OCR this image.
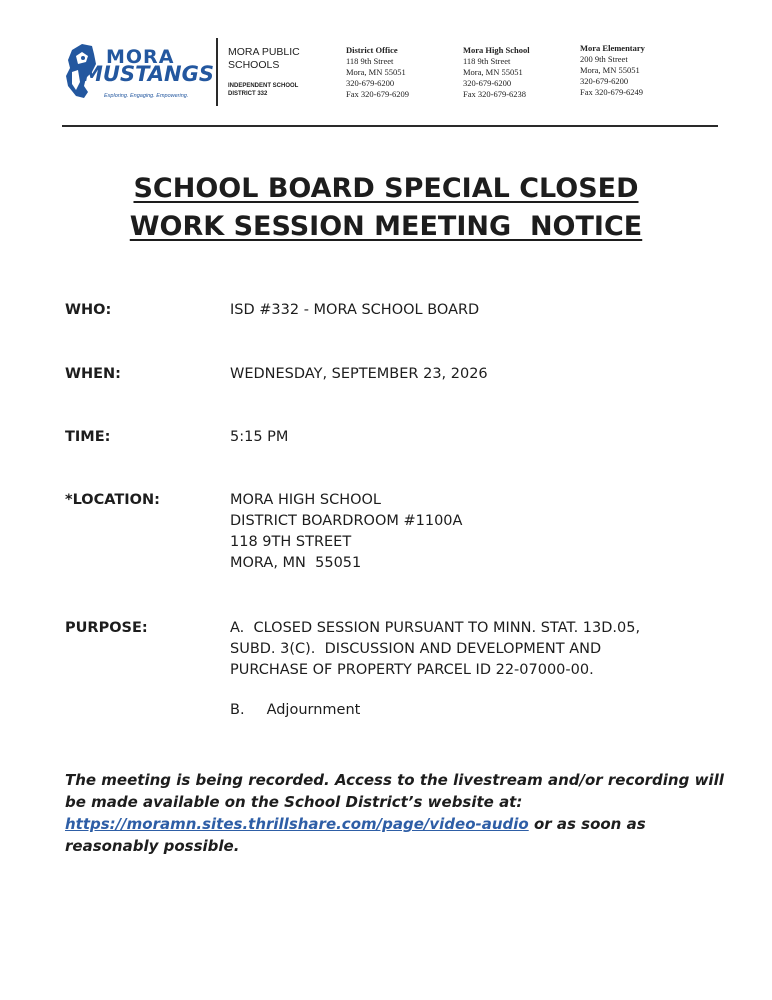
MORA
MUSTANGS
Exploring. Engaging. Empowering.
MORA PUBLIC
SCHOOLS
INDEPENDENT SCHOOL
DISTRICT 332
District Office
118 9th Street
Mora, MN 55051
320-679-6200
Fax 320-679-6209
Mora High School
118 9th Street
Mora, MN 55051
320-679-6200
Fax 320-679-6238
Mora Elementary
200 9th Street
Mora, MN 55051
320-679-6200
Fax 320-679-6249
SCHOOL BOARD SPECIAL CLOSED
WORK SESSION MEETING  NOTICE
WHO:	ISD #332 - MORA SCHOOL BOARD
WHEN:	WEDNESDAY, SEPTEMBER 23, 2026
TIME:	5:15 PM
*LOCATION:	MORA HIGH SCHOOL
DISTRICT BOARDROOM #1100A
118 9TH STREET
MORA, MN  55051
PURPOSE:	A.  CLOSED SESSION PURSUANT TO MINN. STAT. 13D.05,
SUBD. 3(C).  DISCUSSION AND DEVELOPMENT AND
PURCHASE OF PROPERTY PARCEL ID 22-07000-00.
B. Adjournment
The meeting is being recorded. Access to the livestream and/or recording will be made available on the School District’s website at: https://moramn.sites.thrillshare.com/page/video-audio or as soon as reasonably possible.
